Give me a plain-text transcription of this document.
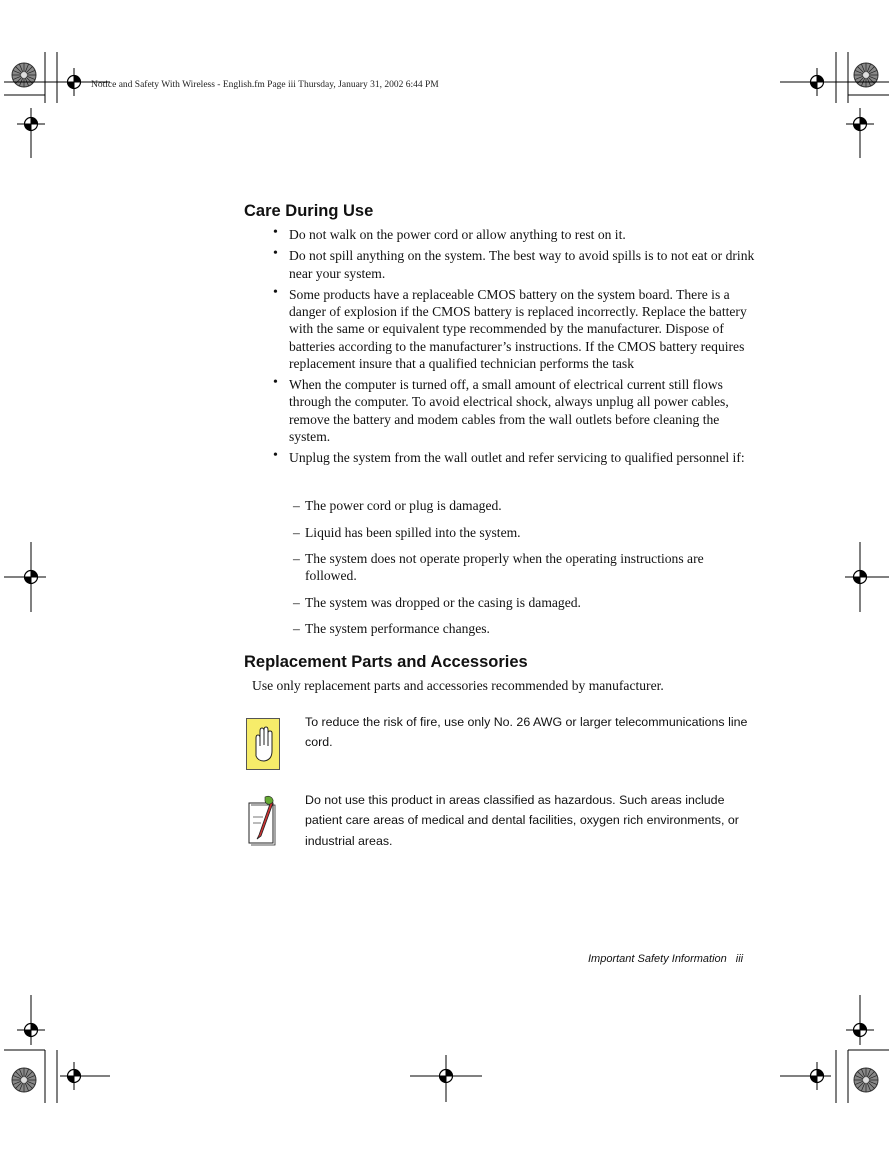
Notice and Safety With Wireless - English.fm Page iii Thursday, January 31, 2002 6:44 PM
Care During Use
• Do not walk on the power cord or allow anything to rest on it.
• Do not spill anything on the system. The best way to avoid spills is to not eat or drink near your system.
• Some products have a replaceable CMOS battery on the system board. There is a danger of explosion if the CMOS battery is replaced incorrectly. Replace the battery with the same or equivalent type recommended by the manufacturer. Dispose of batteries according to the manufacturer’s instructions. If the CMOS battery requires replacement insure that a qualified technician performs the task
• When the computer is turned off, a small amount of electrical current still flows through the computer. To avoid electrical shock, always unplug all power cables, remove the battery and modem cables from the wall outlets before cleaning the system.
• Unplug the system from the wall outlet and refer servicing to qualified personnel if:
– The power cord or plug is damaged.
– Liquid has been spilled into the system.
– The system does not operate properly when the operating instructions are followed.
– The system was dropped or the casing is damaged.
– The system performance changes.
Replacement Parts and Accessories
Use only replacement parts and accessories recommended by manufacturer.
To reduce the risk of fire, use only No. 26 AWG or larger telecommunications line cord.
Do not use this product in areas classified as hazardous. Such areas include patient care areas of medical and dental facilities, oxygen rich environments, or industrial areas.
Important Safety Information iii
